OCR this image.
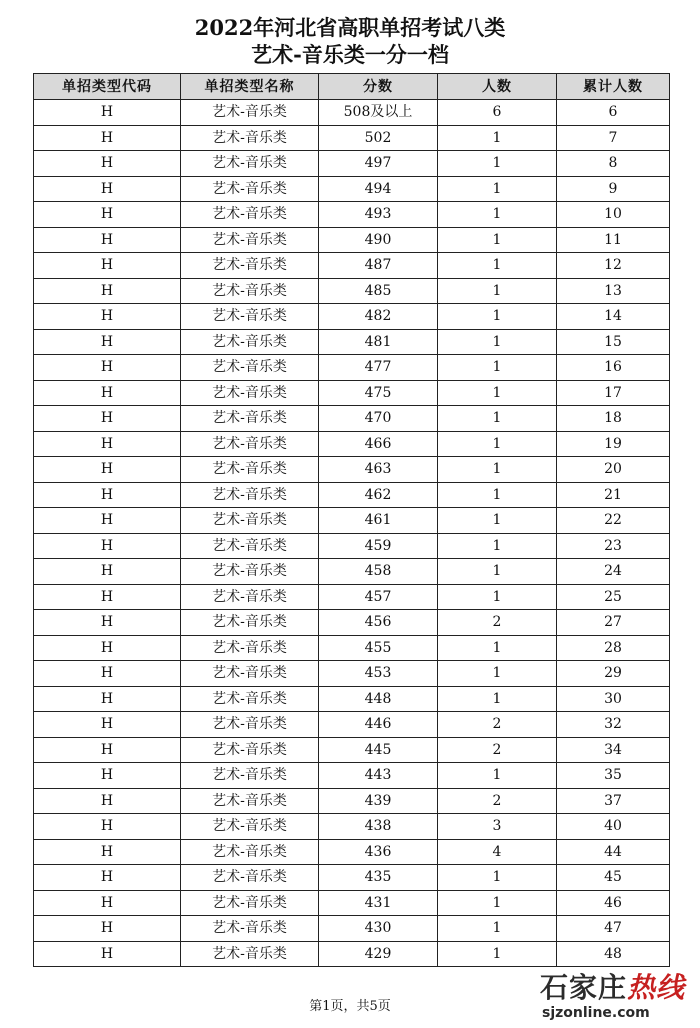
2022年河北省高职单招考试八类
艺术-音乐类一分一档
单招类型代码	单招类型名称	分数	人数	累计人数
H	艺术-音乐类	508及以上	6	6
H	艺术-音乐类	502	1	7
H	艺术-音乐类	497	1	8
H	艺术-音乐类	494	1	9
H	艺术-音乐类	493	1	10
H	艺术-音乐类	490	1	11
H	艺术-音乐类	487	1	12
H	艺术-音乐类	485	1	13
H	艺术-音乐类	482	1	14
H	艺术-音乐类	481	1	15
H	艺术-音乐类	477	1	16
H	艺术-音乐类	475	1	17
H	艺术-音乐类	470	1	18
H	艺术-音乐类	466	1	19
H	艺术-音乐类	463	1	20
H	艺术-音乐类	462	1	21
H	艺术-音乐类	461	1	22
H	艺术-音乐类	459	1	23
H	艺术-音乐类	458	1	24
H	艺术-音乐类	457	1	25
H	艺术-音乐类	456	2	27
H	艺术-音乐类	455	1	28
H	艺术-音乐类	453	1	29
H	艺术-音乐类	448	1	30
H	艺术-音乐类	446	2	32
H	艺术-音乐类	445	2	34
H	艺术-音乐类	443	1	35
H	艺术-音乐类	439	2	37
H	艺术-音乐类	438	3	40
H	艺术-音乐类	436	4	44
H	艺术-音乐类	435	1	45
H	艺术-音乐类	431	1	46
H	艺术-音乐类	430	1	47
H	艺术-音乐类	429	1	48
第1页，共5页
石家庄热线
sjzonline.com
